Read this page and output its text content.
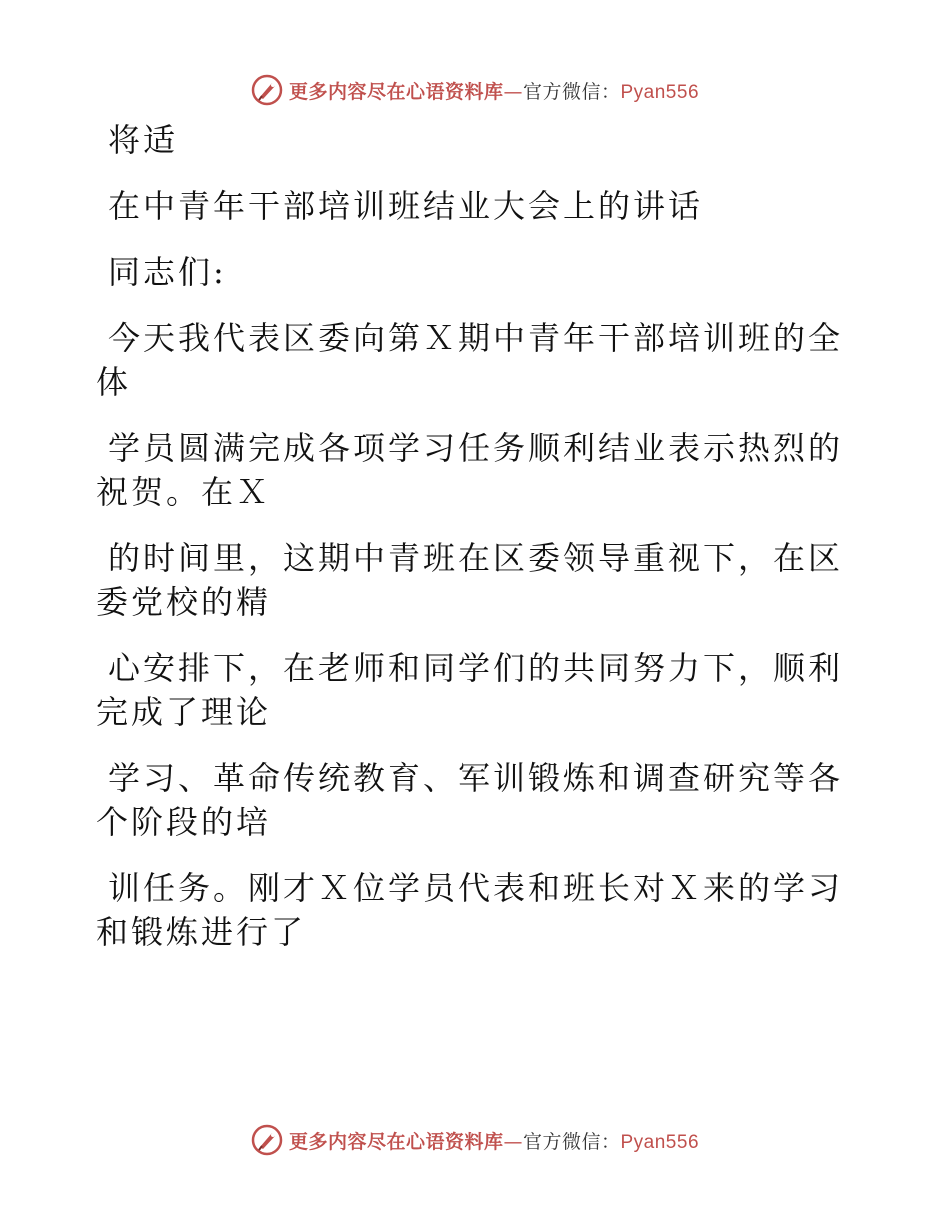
更多内容尽在心语资料库—官方微信：Pyan556

将适

在中青年干部培训班结业大会上的讲话

同志们:

今天我代表区委向第Ｘ期中青年干部培训班的全体

学员圆满完成各项学习任务顺利结业表示热烈的祝贺。在Ｘ

的时间里，这期中青班在区委领导重视下，在区委党校的精

心安排下，在老师和同学们的共同努力下，顺利完成了理论

学习、革命传统教育、军训锻炼和调查研究等各个阶段的培

训任务。刚才Ｘ位学员代表和班长对Ｘ来的学习和锻炼进行了

更多内容尽在心语资料库—官方微信：Pyan556
